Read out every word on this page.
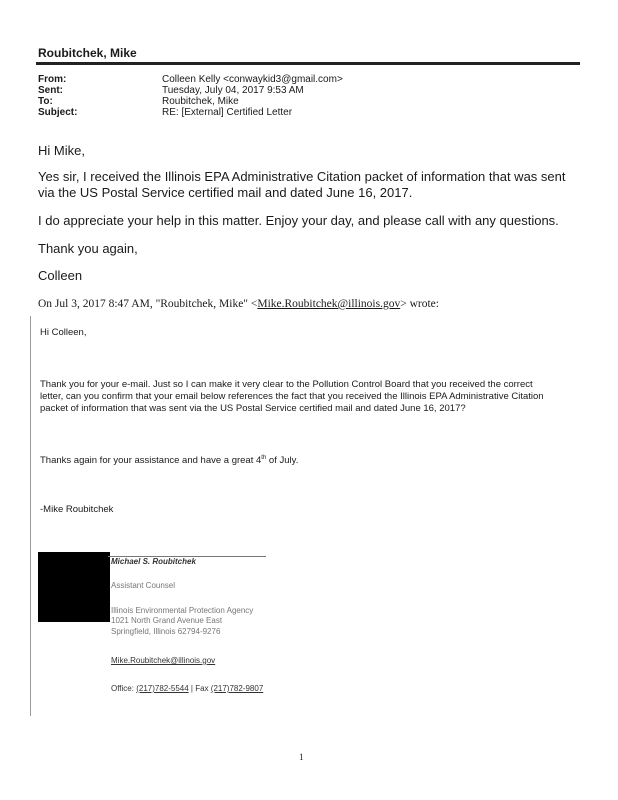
Roubitchek, Mike
From:	Colleen Kelly <conwaykid3@gmail.com>
Sent:	Tuesday, July 04, 2017 9:53 AM
To:	Roubitchek, Mike
Subject:	RE: [External] Certified Letter
Hi Mike,
Yes sir, I received the Illinois EPA Administrative Citation packet of information that was sent
via the US Postal Service certified mail and dated June 16, 2017.
I do appreciate your help in this matter. Enjoy your day, and please call with any questions.
Thank you again,
Colleen
On Jul 3, 2017 8:47 AM, "Roubitchek, Mike" <Mike.Roubitchek@illinois.gov> wrote:
Hi Colleen,
Thank you for your e-mail. Just so I can make it very clear to the Pollution Control Board that you received the correct
letter, can you confirm that your email below references the fact that you received the Illinois EPA Administrative Citation
packet of information that was sent via the US Postal Service certified mail and dated June 16, 2017?
Thanks again for your assistance and have a great 4th of July.
-Mike Roubitchek
Michael S. Roubitchek
Assistant Counsel
Illinois Environmental Protection Agency
1021 North Grand Avenue East
Springfield, Illinois 62794-9276
Mike.Roubitchek@illinois.gov
Office: (217)782-5544 | Fax (217)782-9807
1
